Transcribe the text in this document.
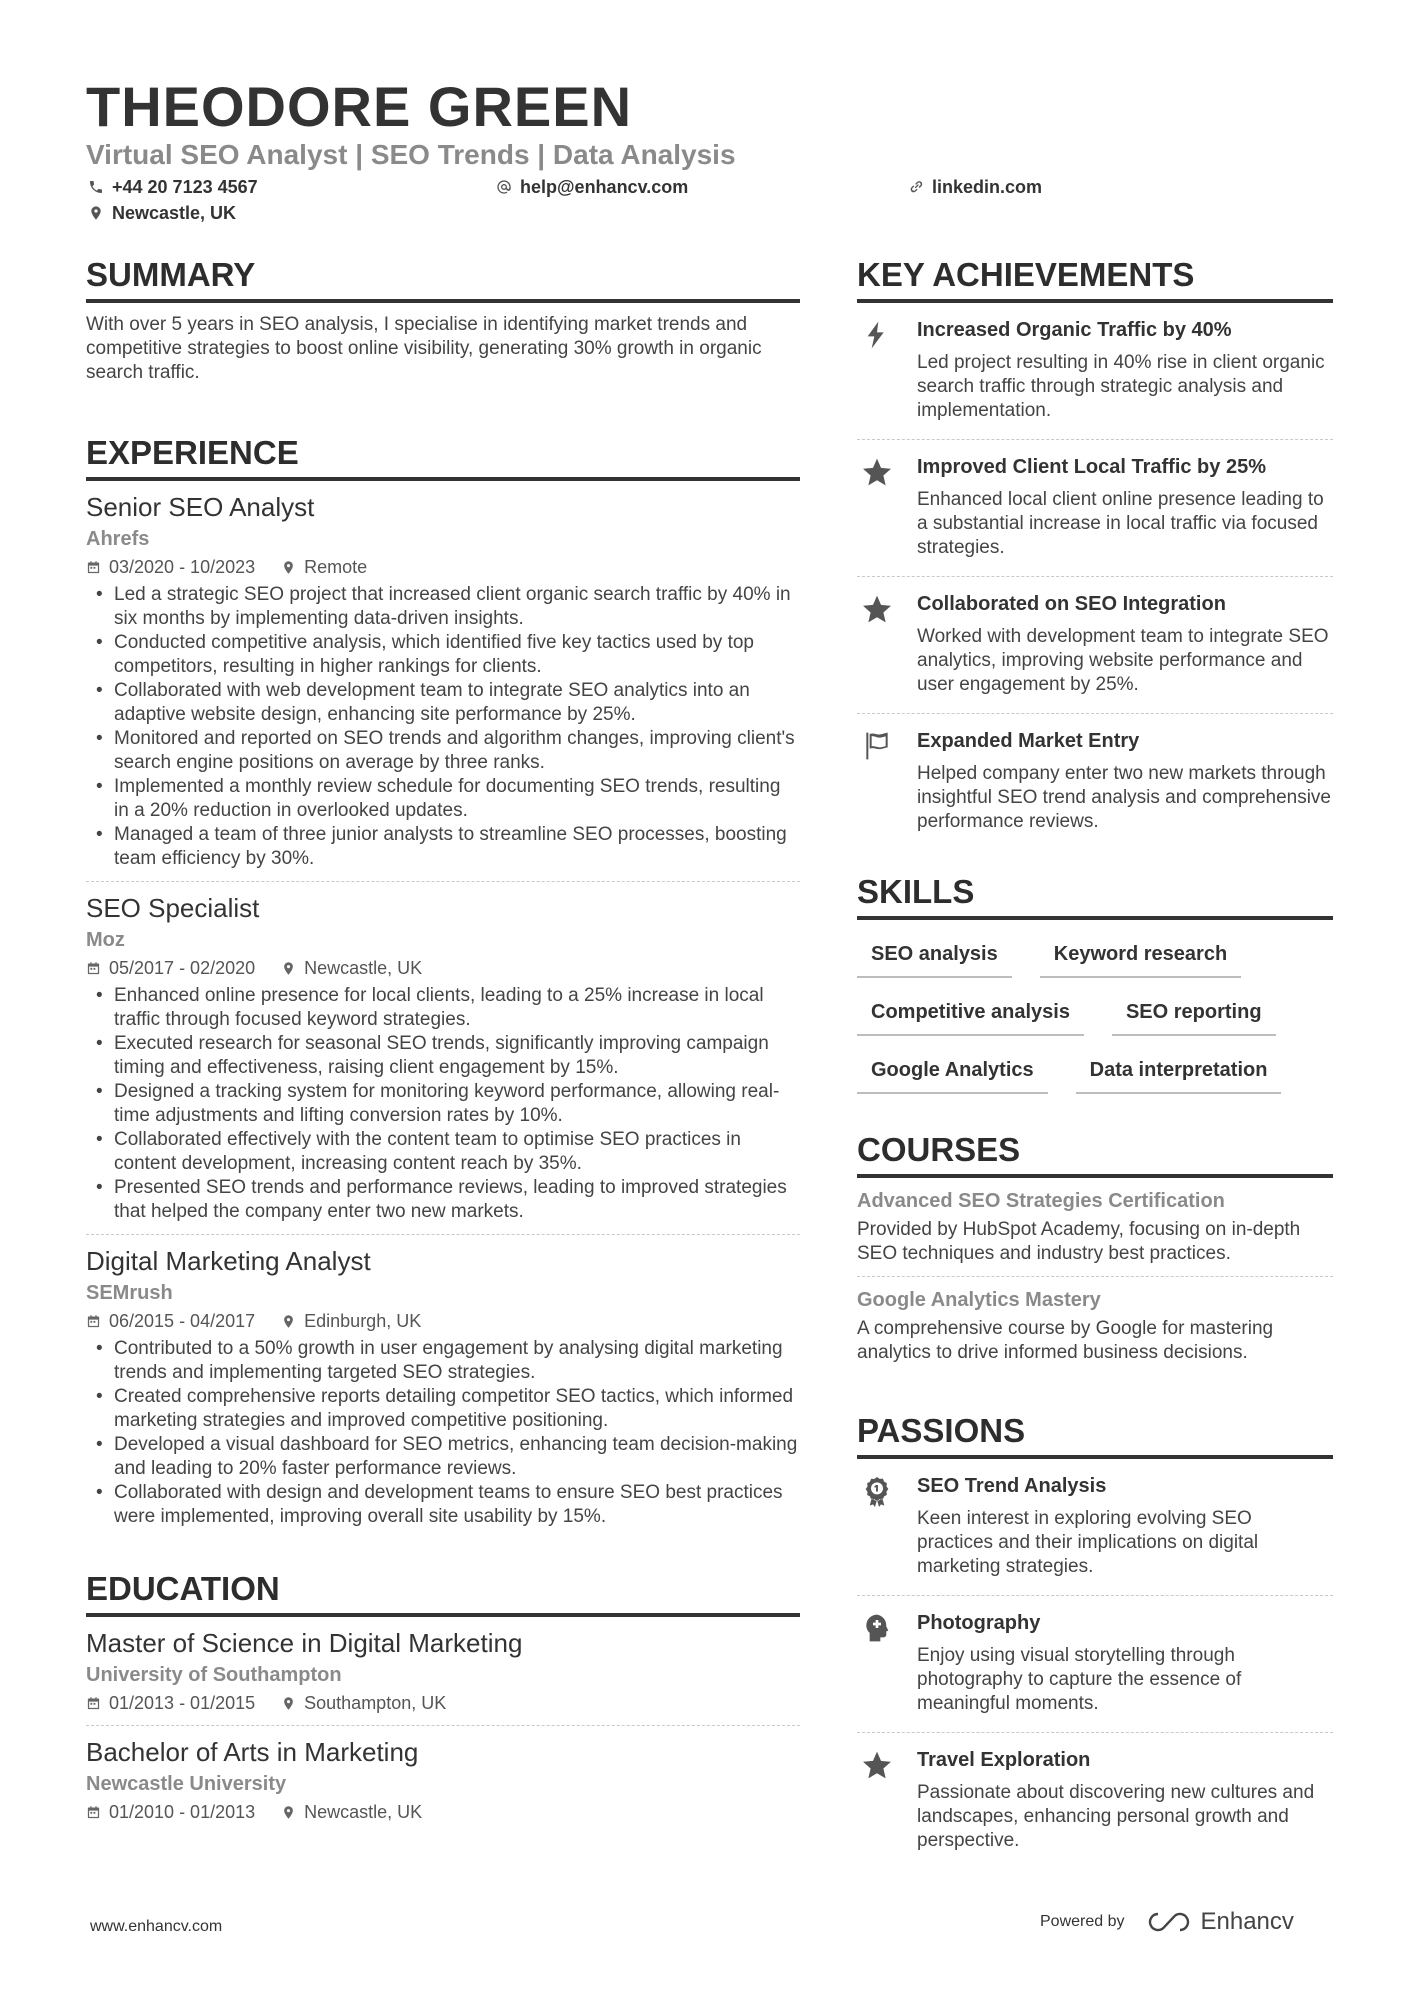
THEODORE GREEN
Virtual SEO Analyst | SEO Trends | Data Analysis
+44 20 7123 4567	help@enhancv.com	linkedin.com
Newcastle, UK
SUMMARY
With over 5 years in SEO analysis, I specialise in identifying market trends and competitive strategies to boost online visibility, generating 30% growth in organic search traffic.
EXPERIENCE
Senior SEO Analyst
Ahrefs
03/2020 - 10/2023	Remote
• Led a strategic SEO project that increased client organic search traffic by 40% in six months by implementing data-driven insights.
• Conducted competitive analysis, which identified five key tactics used by top competitors, resulting in higher rankings for clients.
• Collaborated with web development team to integrate SEO analytics into an adaptive website design, enhancing site performance by 25%.
• Monitored and reported on SEO trends and algorithm changes, improving client's search engine positions on average by three ranks.
• Implemented a monthly review schedule for documenting SEO trends, resulting in a 20% reduction in overlooked updates.
• Managed a team of three junior analysts to streamline SEO processes, boosting team efficiency by 30%.
SEO Specialist
Moz
05/2017 - 02/2020	Newcastle, UK
• Enhanced online presence for local clients, leading to a 25% increase in local traffic through focused keyword strategies.
• Executed research for seasonal SEO trends, significantly improving campaign timing and effectiveness, raising client engagement by 15%.
• Designed a tracking system for monitoring keyword performance, allowing real-time adjustments and lifting conversion rates by 10%.
• Collaborated effectively with the content team to optimise SEO practices in content development, increasing content reach by 35%.
• Presented SEO trends and performance reviews, leading to improved strategies that helped the company enter two new markets.
Digital Marketing Analyst
SEMrush
06/2015 - 04/2017	Edinburgh, UK
• Contributed to a 50% growth in user engagement by analysing digital marketing trends and implementing targeted SEO strategies.
• Created comprehensive reports detailing competitor SEO tactics, which informed marketing strategies and improved competitive positioning.
• Developed a visual dashboard for SEO metrics, enhancing team decision-making and leading to 20% faster performance reviews.
• Collaborated with design and development teams to ensure SEO best practices were implemented, improving overall site usability by 15%.
EDUCATION
Master of Science in Digital Marketing
University of Southampton
01/2013 - 01/2015	Southampton, UK
Bachelor of Arts in Marketing
Newcastle University
01/2010 - 01/2013	Newcastle, UK
KEY ACHIEVEMENTS
Increased Organic Traffic by 40%
Led project resulting in 40% rise in client organic search traffic through strategic analysis and implementation.
Improved Client Local Traffic by 25%
Enhanced local client online presence leading to a substantial increase in local traffic via focused strategies.
Collaborated on SEO Integration
Worked with development team to integrate SEO analytics, improving website performance and user engagement by 25%.
Expanded Market Entry
Helped company enter two new markets through insightful SEO trend analysis and comprehensive performance reviews.
SKILLS
SEO analysis	Keyword research
Competitive analysis	SEO reporting
Google Analytics	Data interpretation
COURSES
Advanced SEO Strategies Certification
Provided by HubSpot Academy, focusing on in-depth SEO techniques and industry best practices.
Google Analytics Mastery
A comprehensive course by Google for mastering analytics to drive informed business decisions.
PASSIONS
SEO Trend Analysis
Keen interest in exploring evolving SEO practices and their implications on digital marketing strategies.
Photography
Enjoy using visual storytelling through photography to capture the essence of meaningful moments.
Travel Exploration
Passionate about discovering new cultures and landscapes, enhancing personal growth and perspective.
www.enhancv.com	Powered by	Enhancv
